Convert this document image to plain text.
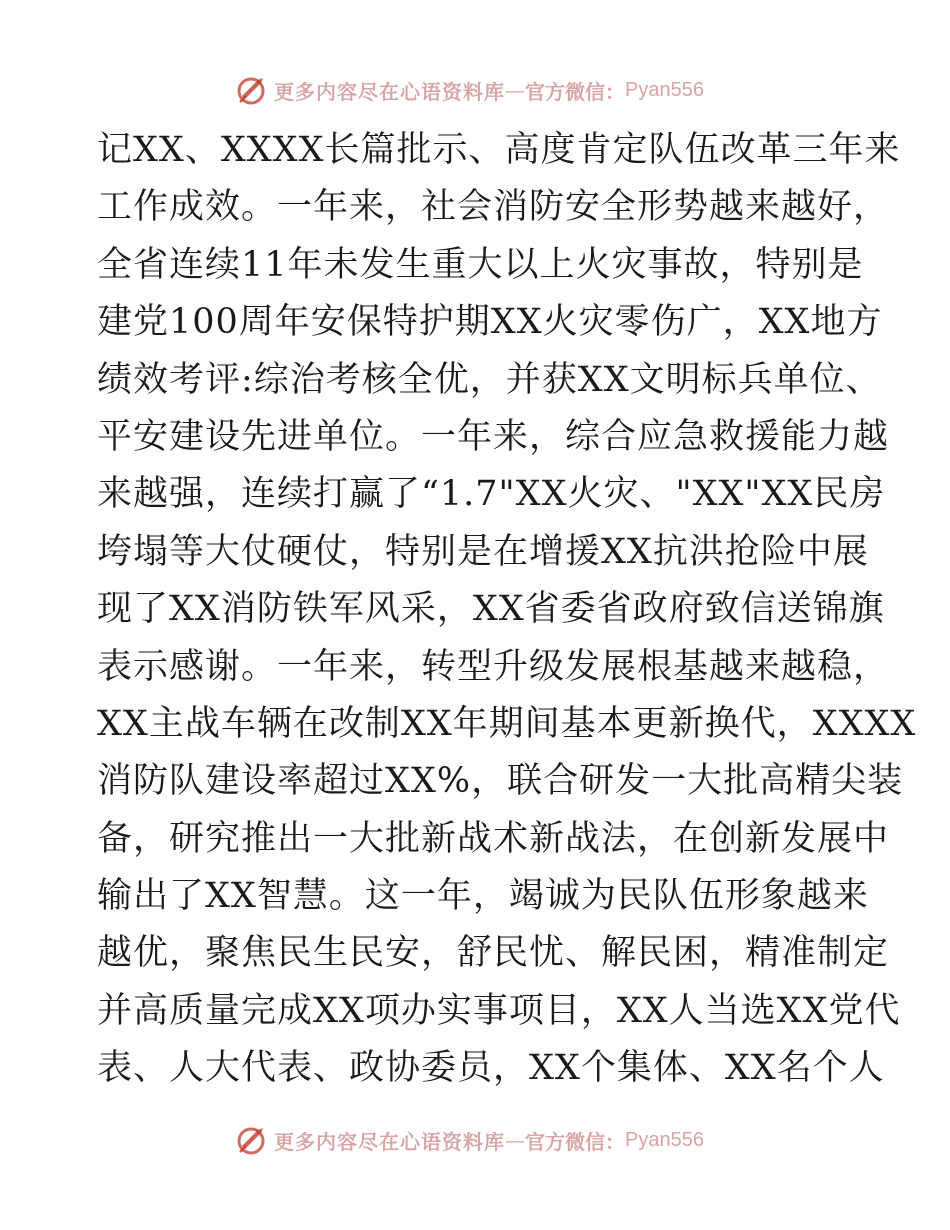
更多内容尽在心语资料库 — 官方微信： Pyan556
记XX、XXXX长篇批示、高度肯定队伍改革三年来
工作成效。一年来，社会消防安全形势越来越好，
全省连续11年未发生重大以上火灾事故，特别是
建党100周年安保特护期XX火灾零伤广，XX地方
绩效考评:综治考核全优，并获XX文明标兵单位、
平安建设先进单位。一年来，综合应急救援能力越
来越强，连续打赢了“1.7"XX火灾、"XX"XX民房
垮塌等大仗硬仗，特别是在增援XX抗洪抢险中展
现了XX消防铁军风采，XX省委省政府致信送锦旗
表示感谢。一年来，转型升级发展根基越来越稳，
XX主战车辆在改制XX年期间基本更新换代，XXXX
消防队建设率超过XX%，联合研发一大批高精尖装
备，研究推出一大批新战术新战法，在创新发展中
输出了XX智慧。这一年，竭诚为民队伍形象越来
越优，聚焦民生民安，舒民忧、解民困，精准制定
并高质量完成XX项办实事项目，XX人当选XX党代
表、人大代表、政协委员，XX个集体、XX名个人
更多内容尽在心语资料库 — 官方微信： Pyan556
